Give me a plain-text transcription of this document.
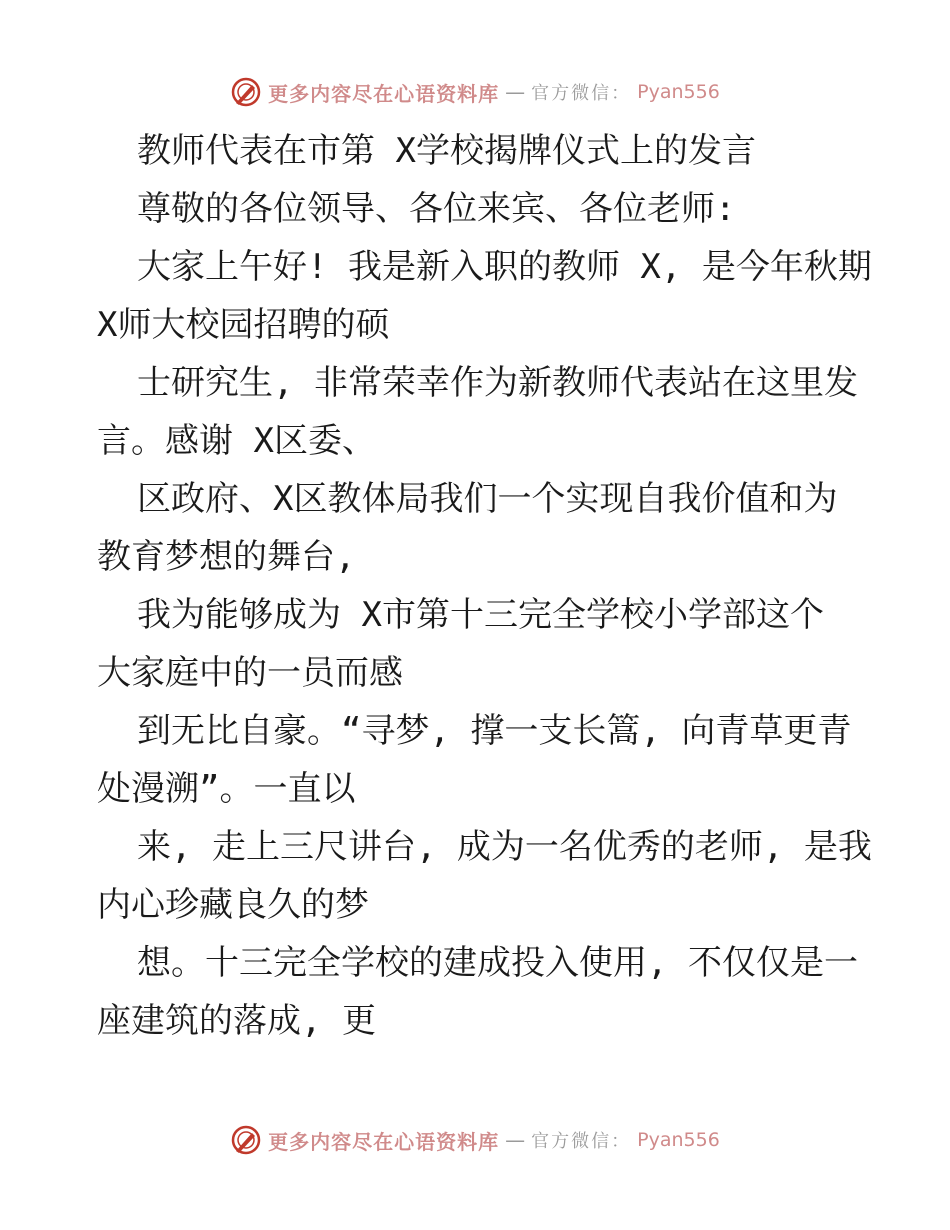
更多内容尽在心语资料库 — 官方微信： Pyan556
教师代表在市第 X学校揭牌仪式上的发言
尊敬的各位领导、各位来宾、各位老师:
大家上午好! 我是新入职的教师 X, 是今年秋期
X师大校园招聘的硕
士研究生, 非常荣幸作为新教师代表站在这里发
言。感谢 X区委、
区政府、X区教体局我们一个实现自我价值和为
教育梦想的舞台,
我为能够成为 X市第十三完全学校小学部这个
大家庭中的一员而感
到无比自豪。“寻梦, 撑一支长篙, 向青草更青
处漫溯”。一直以
来, 走上三尺讲台, 成为一名优秀的老师, 是我
内心珍藏良久的梦
想。十三完全学校的建成投入使用, 不仅仅是一
座建筑的落成, 更
更多内容尽在心语资料库 — 官方微信： Pyan556
